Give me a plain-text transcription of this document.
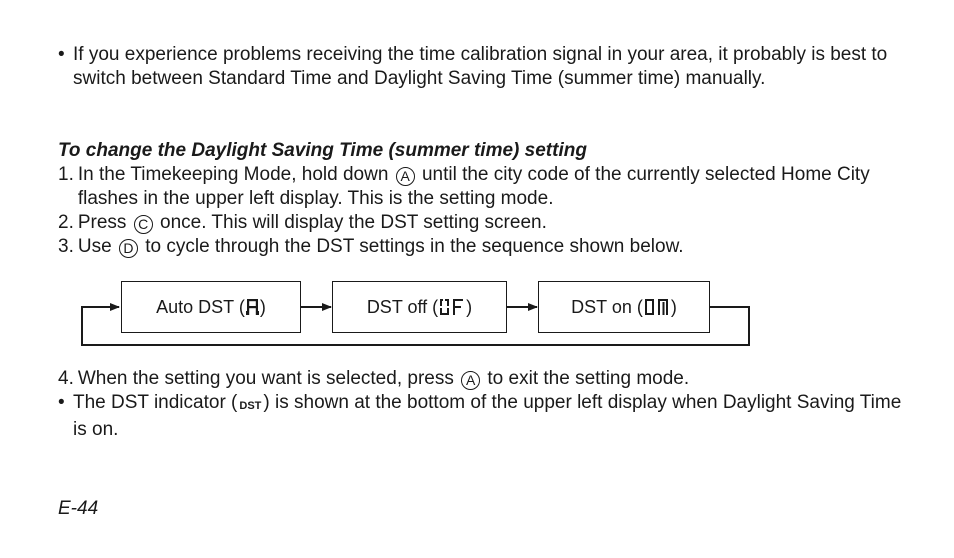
• If you experience problems receiving the time calibration signal in your area, it probably is best to switch between Standard Time and Daylight Saving Time (summer time) manually.
To change the Daylight Saving Time (summer time) setting
1. In the Timekeeping Mode, hold down A until the city code of the currently selected Home City flashes in the upper left display. This is the setting mode.
2. Press C once. This will display the DST setting screen.
3. Use D to cycle through the DST settings in the sequence shown below.
Auto DST ( )	DST off ( )	DST on ( )
4. When the setting you want is selected, press A to exit the setting mode.
• The DST indicator ( DST ) is shown at the bottom of the upper left display when Daylight Saving Time is on.
E-44
